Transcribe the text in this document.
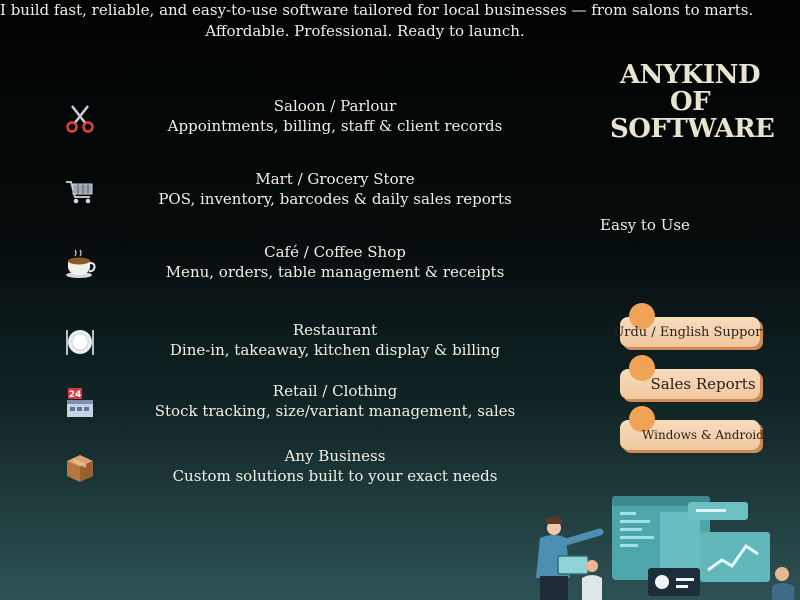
I build fast, reliable, and easy-to-use software tailored for local businesses — from salons to marts.
Affordable. Professional. Ready to launch.
Saloon / Parlour
Appointments, billing, staff & client records
Mart / Grocery Store
POS, inventory, barcodes & daily sales reports
Café / Coffee Shop
Menu, orders, table management & receipts
Restaurant
Dine-in, takeaway, kitchen display & billing
24	Retail / Clothing
Stock tracking, size/variant management, sales
Any Business
Custom solutions built to your exact needs
ANYKIND
OF
SOFTWARE
Easy to Use
Urdu / English Support
Sales Reports
Windows & Android
